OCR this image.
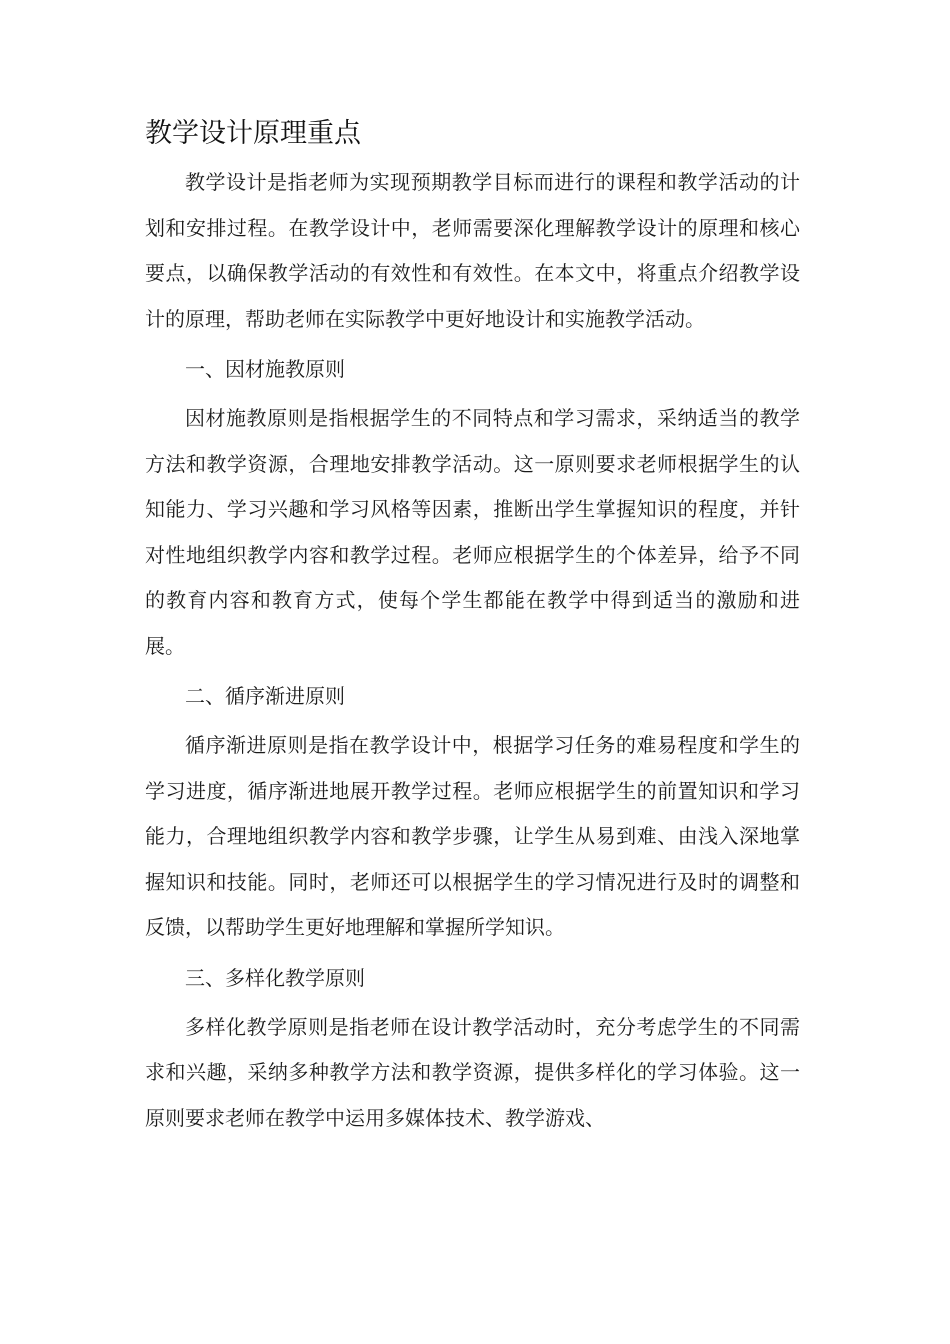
教学设计原理重点

教学设计是指老师为实现预期教学目标而进行的课程和教学活动的计划和安排过程。在教学设计中，老师需要深化理解教学设计的原理和核心要点，以确保教学活动的有效性和有效性。在本文中，将重点介绍教学设计的原理，帮助老师在实际教学中更好地设计和实施教学活动。

一、因材施教原则

因材施教原则是指根据学生的不同特点和学习需求，采纳适当的教学方法和教学资源，合理地安排教学活动。这一原则要求老师根据学生的认知能力、学习兴趣和学习风格等因素，推断出学生掌握知识的程度，并针对性地组织教学内容和教学过程。老师应根据学生的个体差异，给予不同的教育内容和教育方式，使每个学生都能在教学中得到适当的激励和进展。

二、循序渐进原则

循序渐进原则是指在教学设计中，根据学习任务的难易程度和学生的学习进度，循序渐进地展开教学过程。老师应根据学生的前置知识和学习能力，合理地组织教学内容和教学步骤，让学生从易到难、由浅入深地掌握知识和技能。同时，老师还可以根据学生的学习情况进行及时的调整和反馈，以帮助学生更好地理解和掌握所学知识。

三、多样化教学原则

多样化教学原则是指老师在设计教学活动时，充分考虑学生的不同需求和兴趣，采纳多种教学方法和教学资源，提供多样化的学习体验。这一原则要求老师在教学中运用多媒体技术、教学游戏、
